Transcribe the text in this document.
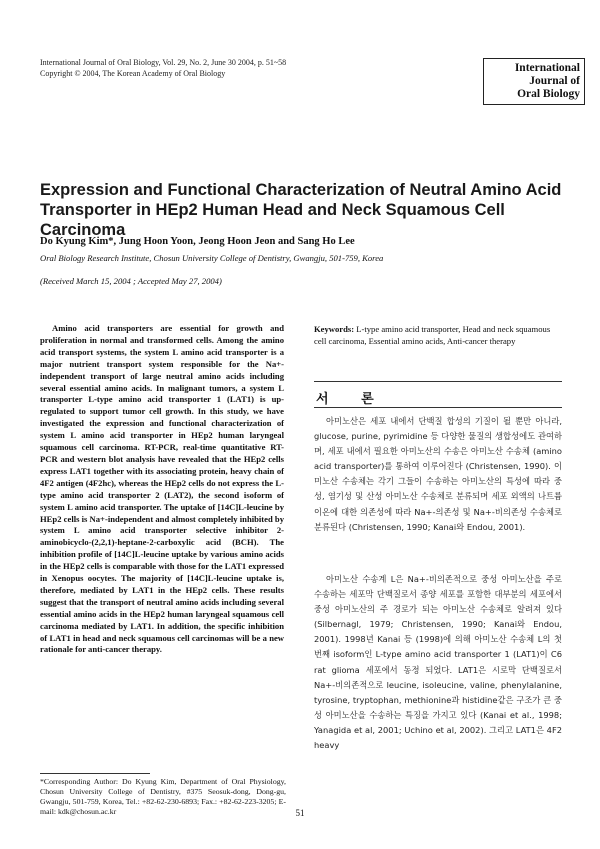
International Journal of Oral Biology, Vol. 29, No. 2, June 30 2004, p. 51~58
Copyright © 2004, The Korean Academy of Oral Biology	International
Journal of
Oral Biology
Expression and Functional Characterization of Neutral Amino Acid Transporter in HEp2 Human Head and Neck Squamous Cell Carcinoma
Do Kyung Kim*, Jung Hoon Yoon, Jeong Hoon Jeon and Sang Ho Lee
Oral Biology Research Institute, Chosun University College of Dentistry, Gwangju, 501-759, Korea
(Received March 15, 2004 ; Accepted May 27, 2004)
Amino acid transporters are essential for growth and proliferation in normal and transformed cells. Among the amino acid transport systems, the system L amino acid transporter is a major nutrient transport system responsible for the Na+-independent transport of large neutral amino acids including several essential amino acids. In malignant tumors, a system L transporter L-type amino acid transporter 1 (LAT1) is up-regulated to support tumor cell growth. In this study, we have investigated the expression and functional characterization of system L amino acid transporter in HEp2 human laryngeal squamous cell carcinoma. RT-PCR, real-time quantitative RT-PCR and western blot analysis have revealed that the HEp2 cells express LAT1 together with its associating protein, heavy chain of 4F2 antigen (4F2hc), whereas the HEp2 cells do not express the L-type amino acid transporter 2 (LAT2), the second isoform of system L amino acid transporter. The uptake of [14C]L-leucine by HEp2 cells is Na+-independent and almost completely inhibited by system L amino acid transporter selective inhibitor 2-aminobicyclo-(2,2,1)-heptane-2-carboxylic acid (BCH). The inhibition profile of [14C]L-leucine uptake by various amino acids in the HEp2 cells is comparable with those for the LAT1 expressed in Xenopus oocytes. The majority of [14C]L-leucine uptake is, therefore, mediated by LAT1 in the HEp2 cells. These results suggest that the transport of neutral amino acids including several essential amino acids in the HEp2 human laryngeal squamous cell carcinoma mediated by LAT1. In addition, the specific inhibition of LAT1 in head and neck squamous cell carcinomas will be a new rationale for anti-cancer therapy.
*Corresponding Author: Do Kyung Kim, Department of Oral Physiology, Chosun University College of Dentistry, #375 Seosuk-dong, Dong-gu, Gwangju, 501-759, Korea, Tel.: +82-62-230-6893; Fax.: +82-62-223-3205; E-mail: kdk@chosun.ac.kr
Keywords: L-type amino acid transporter, Head and neck squamous cell carcinoma, Essential amino acids, Anti-cancer therapy
서 론
아미노산은 세포 내에서 단백질 합성의 기질이 될 뿐만 아니라, glucose, purine, pyrimidine 등 다양한 물질의 생합성에도 관여하며, 세포 내에서 필요한 아미노산의 수송은 아미노산 수송체 (amino acid transporter)를 통하여 이루어진다 (Christensen, 1990). 이미노산 수송체는 각기 그들이 수송하는 아미노산의 특성에 따라 중성, 염기성 및 산성 아미노산 수송체로 분류되며 세포 외액의 나트륨 이온에 대한 의존성에 따라 Na+-의존성 및 Na+-비의존성 수송체로 분류된다 (Christensen, 1990; Kanai와 Endou, 2001).
아미노산 수송계 L은 Na+-비의존적으로 중성 아미노산을 주로 수송하는 세포막 단백질로서 종양 세포를 포함한 대부분의 세포에서 중성 아미노산의 주 경로가 되는 아미노산 수송체로 알려져 있다 (Silbernagl, 1979; Christensen, 1990; Kanai와 Endou, 2001). 1998년 Kanai 등 (1998)에 의해 아미노산 수송체 L의 첫 번째 isoform인 L-type amino acid transporter 1 (LAT1)이 C6 rat glioma 세포에서 동정 되었다. LAT1은 시로막 단백질로서 Na+-비의존적으로 leucine, isoleucine, valine, phenylalanine, tyrosine, tryptophan, methionine과 histidine같은 구조가 큰 중성 아미노산을 수송하는 특징을 가지고 있다 (Kanai et al., 1998; Yanagida et al, 2001; Uchino et al, 2002). 그리고 LAT1은 4F2 heavy
51
